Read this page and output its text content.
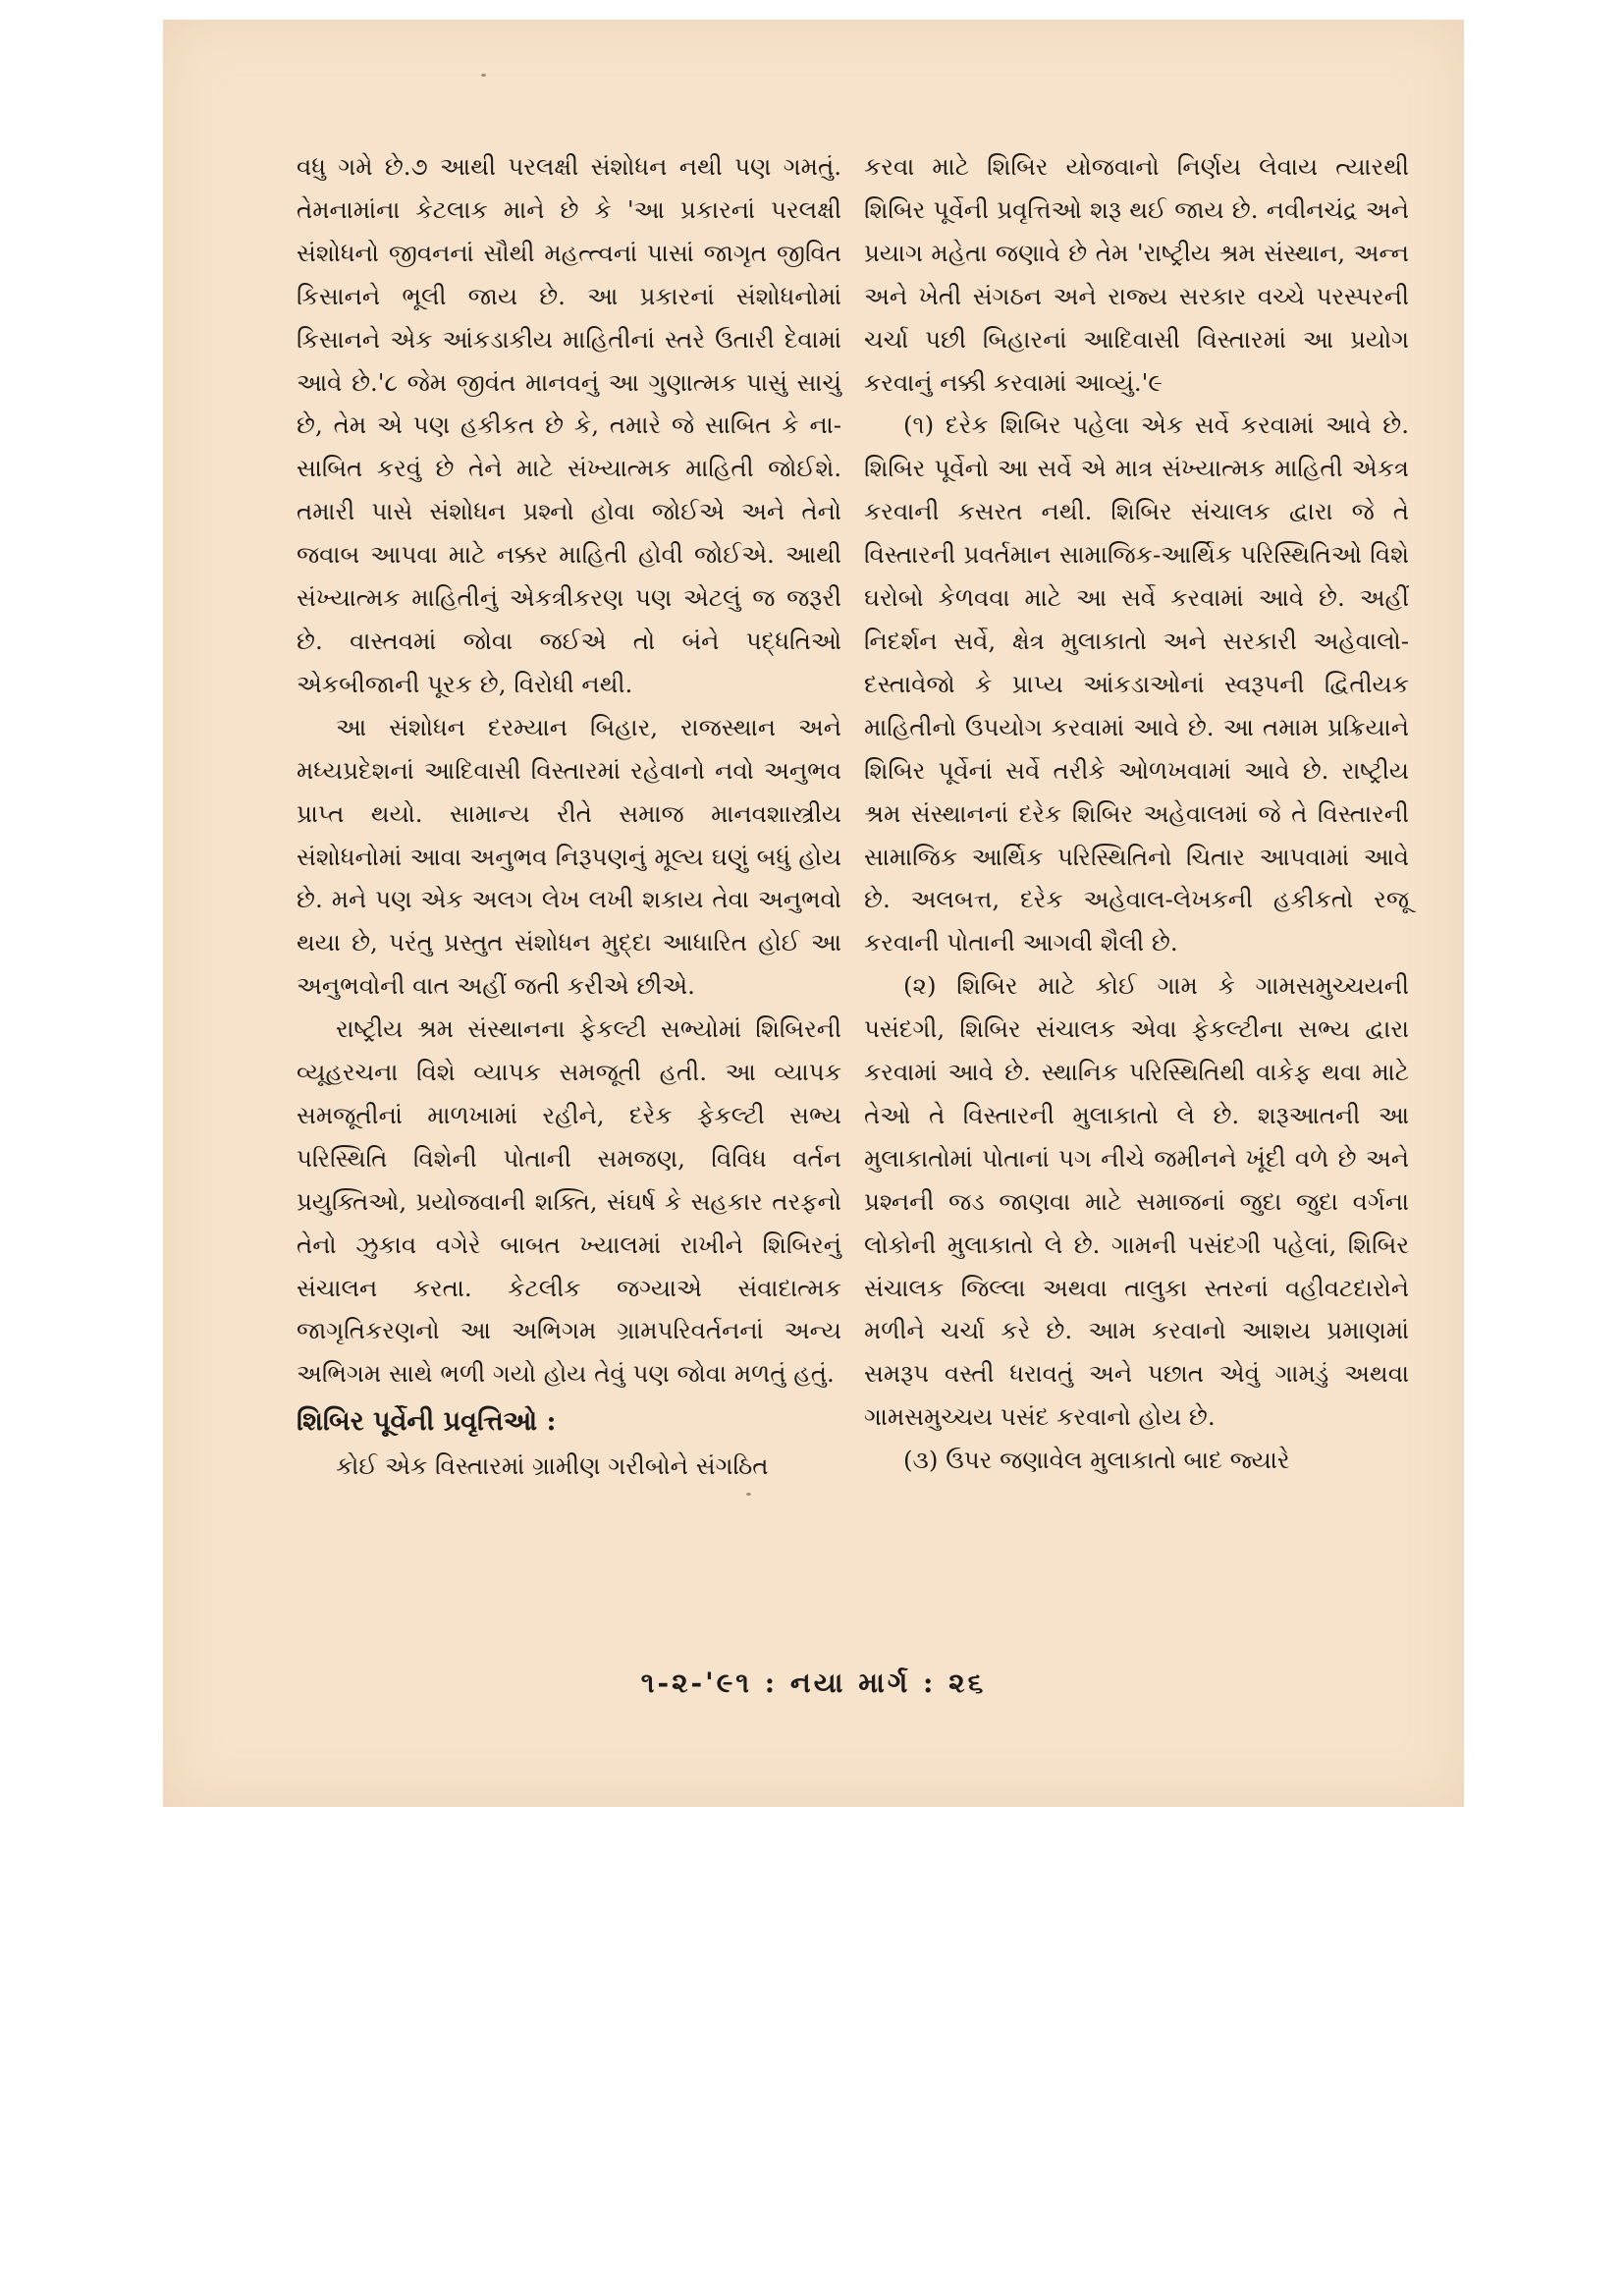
વધુ ગમે છે.૭ આથી પરલક્ષી સંશોધન નથી પણ ગમતું. તેમનામાંના કેટલાક માને છે કે 'આ પ્રકારનાં પરલક્ષી સંશોધનો જીવનનાં સૌથી મહત્ત્વનાં પાસાં જાગૃત જીવિત કિસાનને ભૂલી જાય છે. આ પ્રકારનાં સંશોધનોમાં કિસાનને એક આંકડાકીય માહિતીનાં સ્તરે ઉતારી દેવામાં આવે છે.'૮ જેમ જીવંત માનવનું આ ગુણાત્મક પાસું સાચું છે, તેમ એ પણ હકીકત છે કે, તમારે જે સાબિત કે ના-સાબિત કરવું છે તેને માટે સંખ્યાત્મક માહિતી જોઈશે. તમારી પાસે સંશોધન પ્રશ્નો હોવા જોઈએ અને તેનો જવાબ આપવા માટે નક્કર માહિતી હોવી જોઈએ. આથી સંખ્યાત્મક માહિતીનું એકત્રીકરણ પણ એટલું જ જરૂરી છે. વાસ્તવમાં જોવા જઈએ તો બંને પદ્ધતિઓ એકબીજાની પૂરક છે, વિરોધી નથી.

આ સંશોધન દરમ્યાન બિહાર, રાજસ્થાન અને મધ્યપ્રદેશનાં આદિવાસી વિસ્તારમાં રહેવાનો નવો અનુભવ પ્રાપ્ત થયો. સામાન્ય રીતે સમાજ માનવશાસ્ત્રીય સંશોધનોમાં આવા અનુભવ નિરૂપણનું મૂલ્ય ઘણું બધું હોય છે. મને પણ એક અલગ લેખ લખી શકાય તેવા અનુભવો થયા છે, પરંતુ પ્રસ્તુત સંશોધન મુદ્દા આધારિત હોઈ આ અનુભવોની વાત અહીં જતી કરીએ છીએ.

રાષ્ટ્રીય શ્રમ સંસ્થાનના ફેકલ્ટી સભ્યોમાં શિબિરની વ્યૂહરચના વિશે વ્યાપક સમજૂતી હતી. આ વ્યાપક સમજૂતીનાં માળખામાં રહીને, દરેક ફેકલ્ટી સભ્ય પરિસ્થિતિ વિશેની પોતાની સમજણ, વિવિધ વર્તન પ્રયુક્તિઓ, પ્રયોજવાની શક્તિ, સંઘર્ષ કે સહકાર તરફનો તેનો ઝુકાવ વગેરે બાબત ખ્યાલમાં રાખીને શિબિરનું સંચાલન કરતા. કેટલીક જગ્યાએ સંવાદાત્મક જાગૃતિકરણનો આ અભિગમ ગ્રામપરિવર્તનનાં અન્ય અભિગમ સાથે ભળી ગયો હોય તેવું પણ જોવા મળતું હતું.

શિબિર પૂર્વેની પ્રવૃત્તિઓ :

કોઈ એક વિસ્તારમાં ગ્રામીણ ગરીબોને સંગઠિત

કરવા માટે શિબિર યોજવાનો નિર્ણય લેવાય ત્યારથી શિબિર પૂર્વેની પ્રવૃત્તિઓ શરૂ થઈ જાય છે. નવીનચંદ્ર અને પ્રયાગ મહેતા જણાવે છે તેમ 'રાષ્ટ્રીય શ્રમ સંસ્થાન, અન્ન અને ખેતી સંગઠન અને રાજ્ય સરકાર વચ્ચે પરસ્પરની ચર્ચા પછી બિહારનાં આદિવાસી વિસ્તારમાં આ પ્રયોગ કરવાનું નક્કી કરવામાં આવ્યું.'૯

(૧) દરેક શિબિર પહેલા એક સર્વે કરવામાં આવે છે. શિબિર પૂર્વેનો આ સર્વે એ માત્ર સંખ્યાત્મક માહિતી એકત્ર કરવાની કસરત નથી. શિબિર સંચાલક દ્વારા જે તે વિસ્તારની પ્રવર્તમાન સામાજિક-આર્થિક પરિસ્થિતિઓ વિશે ઘરોબો કેળવવા માટે આ સર્વે કરવામાં આવે છે. અહીં નિદર્શન સર્વે, ક્ષેત્ર મુલાકાતો અને સરકારી અહેવાલો-દસ્તાવેજો કે પ્રાપ્ય આંકડાઓનાં સ્વરૂપની દ્વિતીયક માહિતીનો ઉપયોગ કરવામાં આવે છે. આ તમામ પ્રક્રિયાને શિબિર પૂર્વેનાં સર્વે તરીકે ઓળખવામાં આવે છે. રાષ્ટ્રીય શ્રમ સંસ્થાનનાં દરેક શિબિર અહેવાલમાં જે તે વિસ્તારની સામાજિક આર્થિક પરિસ્થિતિનો ચિતાર આપવામાં આવે છે. અલબત્ત, દરેક અહેવાલ-લેખકની હકીકતો રજૂ કરવાની પોતાની આગવી શૈલી છે.

(૨) શિબિર માટે કોઈ ગામ કે ગામસમુચ્ચયની પસંદગી, શિબિર સંચાલક એવા ફેકલ્ટીના સભ્ય દ્વારા કરવામાં આવે છે. સ્થાનિક પરિસ્થિતિથી વાકેફ થવા માટે તેઓ તે વિસ્તારની મુલાકાતો લે છે. શરૂઆતની આ મુલાકાતોમાં પોતાનાં પગ નીચે જમીનને ખૂંદી વળે છે અને પ્રશ્નની જડ જાણવા માટે સમાજનાં જુદા જુદા વર્ગના લોકોની મુલાકાતો લે છે. ગામની પસંદગી પહેલાં, શિબિર સંચાલક જિલ્લા અથવા તાલુકા સ્તરનાં વહીવટદારોને મળીને ચર્ચા કરે છે. આમ કરવાનો આશય પ્રમાણમાં સમરૂપ વસ્તી ધરાવતું અને પછાત એવું ગામડું અથવા ગામસમુચ્ચય પસંદ કરવાનો હોય છે.

(૩) ઉપર જણાવેલ મુલાકાતો બાદ જ્યારે

૧-૨-'૯૧ : નયા માર્ગ : ૨૬
